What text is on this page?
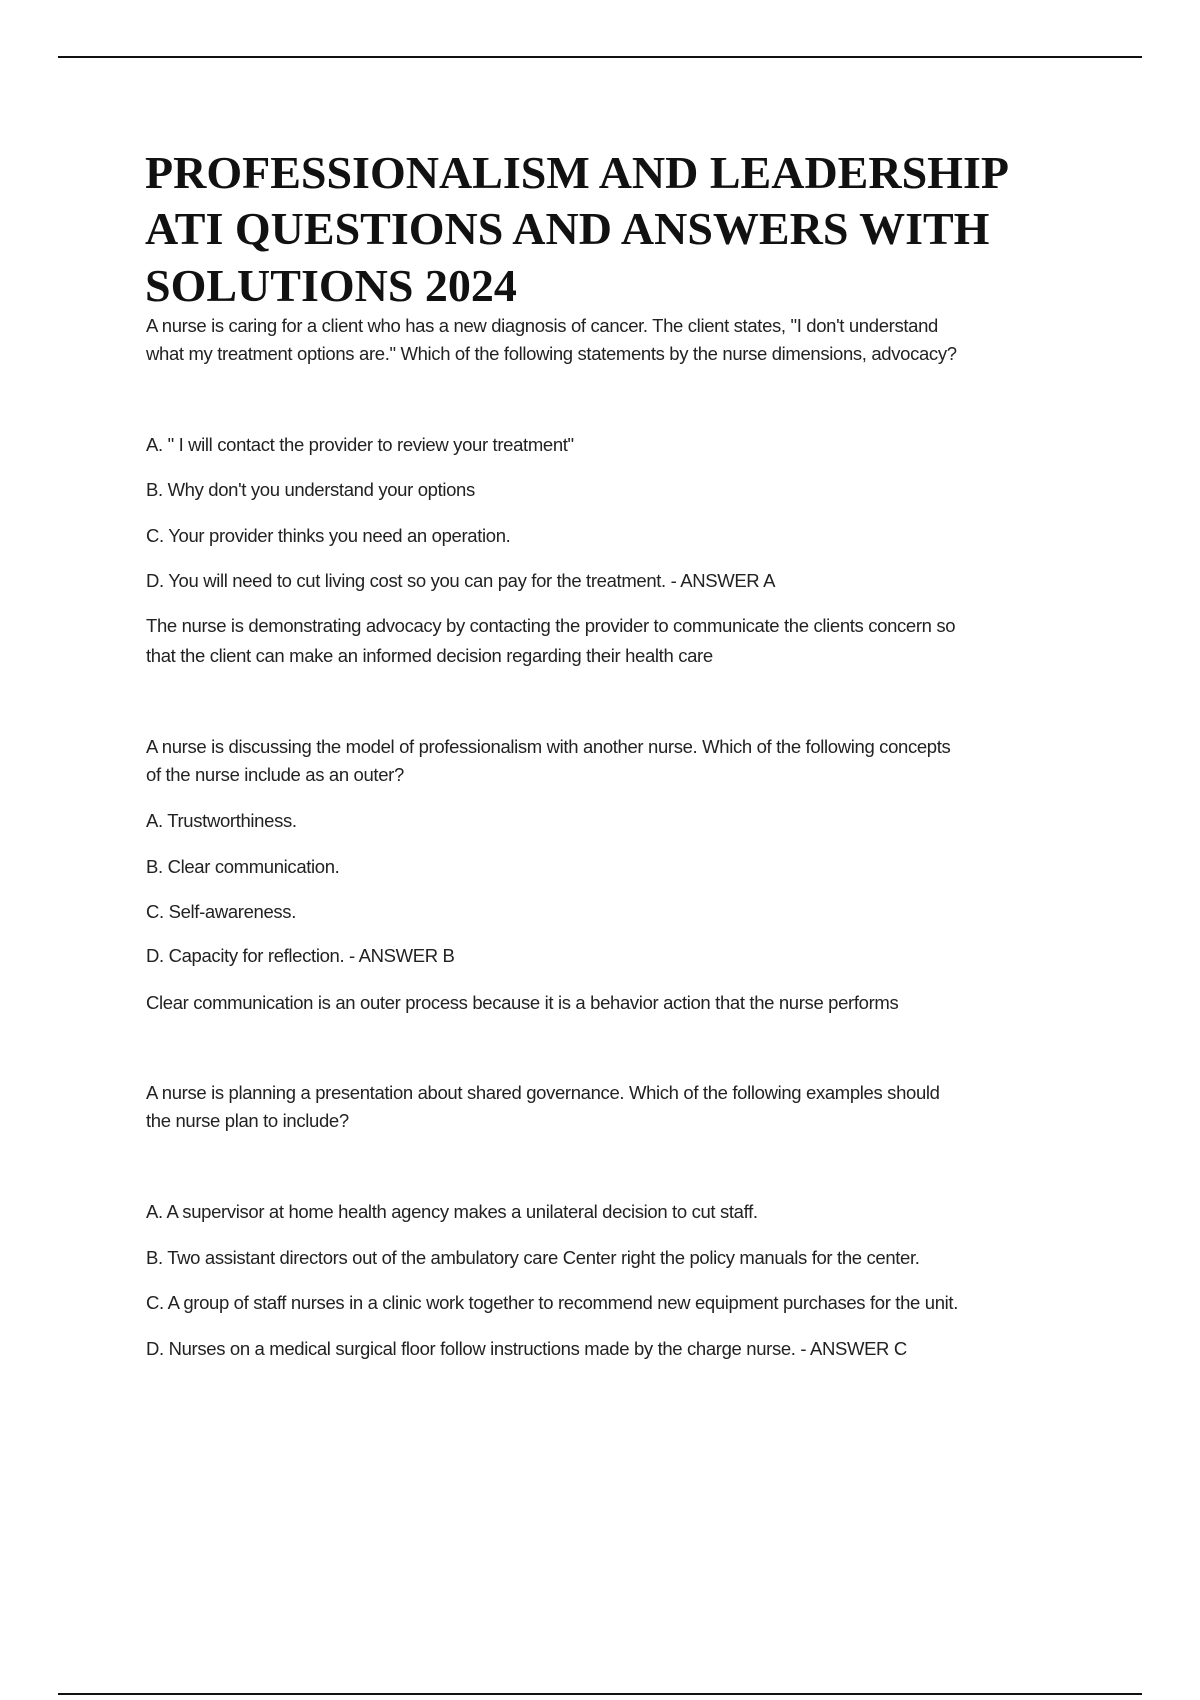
PROFESSIONALISM AND LEADERSHIP
ATI QUESTIONS AND ANSWERS WITH
SOLUTIONS 2024
A nurse is caring for a client who has a new diagnosis of cancer. The client states, "I don't understand
what my treatment options are." Which of the following statements by the nurse dimensions, advocacy?
A. " I will contact the provider to review your treatment"
B. Why don't you understand your options
C. Your provider thinks you need an operation.
D. You will need to cut living cost so you can pay for the treatment. - ANSWER A
The nurse is demonstrating advocacy by contacting the provider to communicate the clients concern so
that the client can make an informed decision regarding their health care
A nurse is discussing the model of professionalism with another nurse. Which of the following concepts
of the nurse include as an outer?
A. Trustworthiness.
B. Clear communication.
C. Self-awareness.
D. Capacity for reflection. - ANSWER B
Clear communication is an outer process because it is a behavior action that the nurse performs
A nurse is planning a presentation about shared governance. Which of the following examples should
the nurse plan to include?
A. A supervisor at home health agency makes a unilateral decision to cut staff.
B. Two assistant directors out of the ambulatory care Center right the policy manuals for the center.
C. A group of staff nurses in a clinic work together to recommend new equipment purchases for the unit.
D. Nurses on a medical surgical floor follow instructions made by the charge nurse. - ANSWER C
